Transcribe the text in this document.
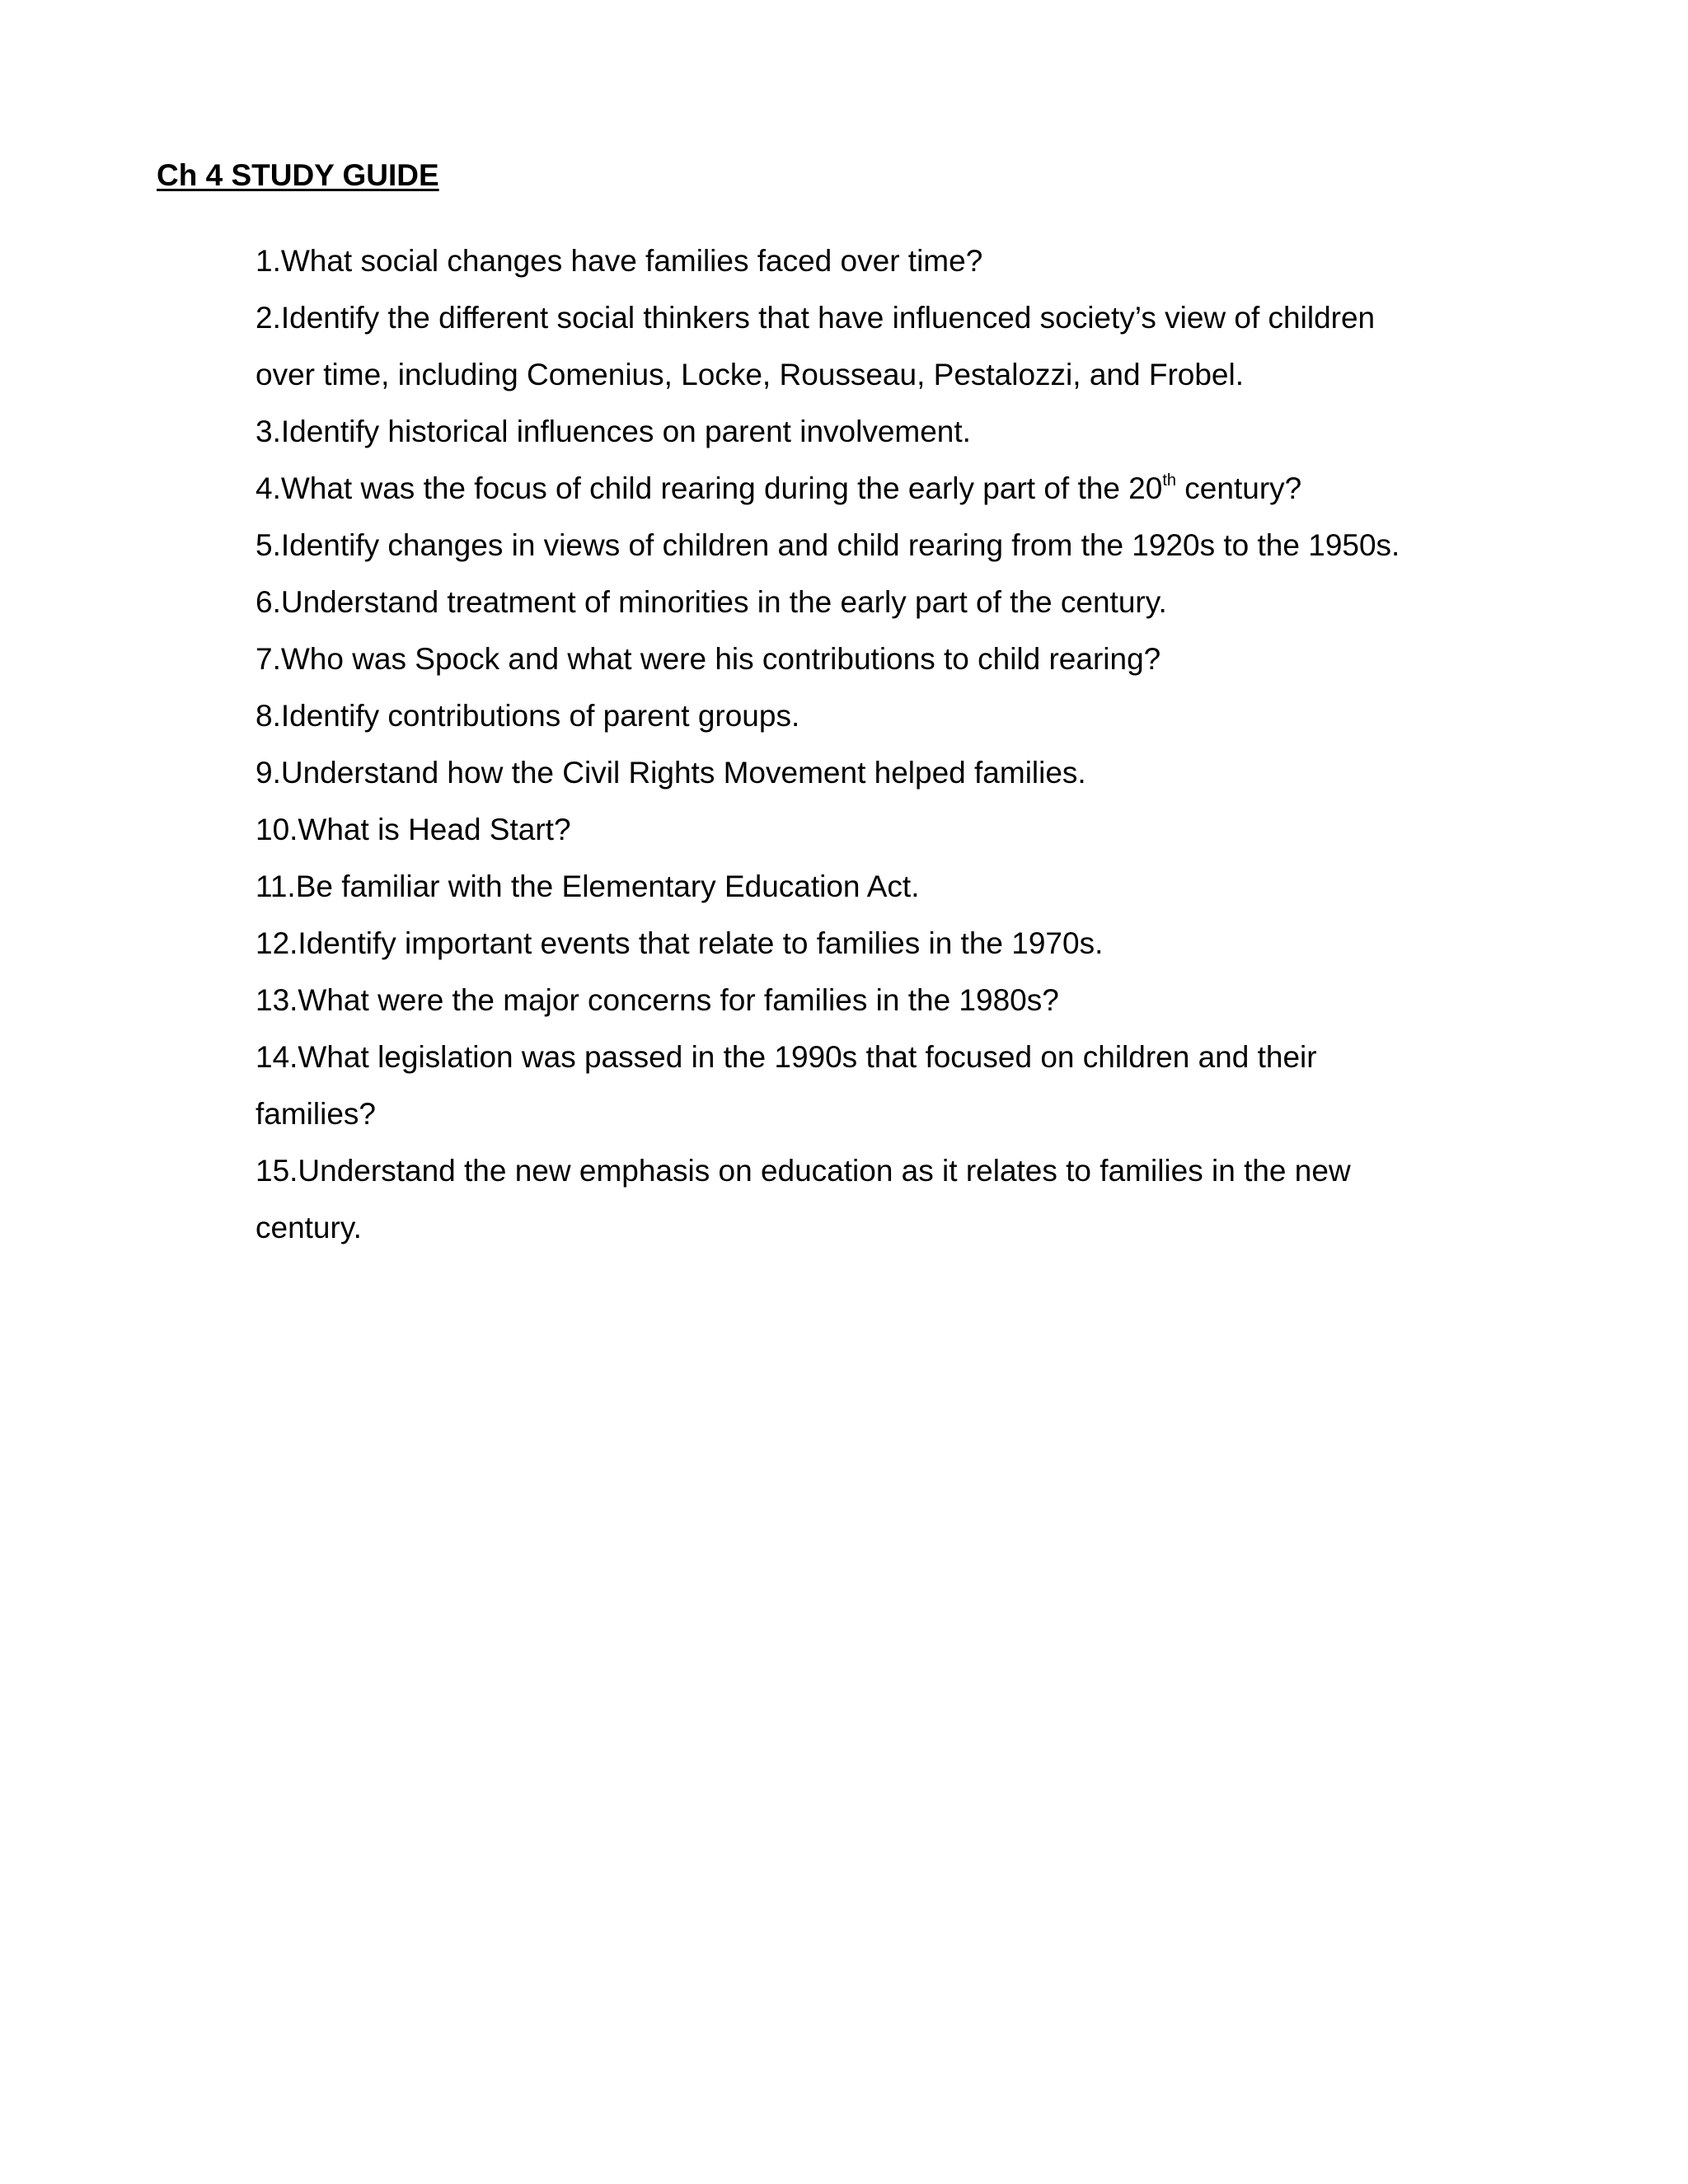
Ch 4 STUDY GUIDE
1.What social changes have families faced over time?
2.Identify the different social thinkers that have influenced society’s view of children
over time, including Comenius, Locke, Rousseau, Pestalozzi, and Frobel.
3.Identify historical influences on parent involvement.
4.What was the focus of child rearing during the early part of the 20th century?
5.Identify changes in views of children and child rearing from the 1920s to the 1950s.
6.Understand treatment of minorities in the early part of the century.
7.Who was Spock and what were his contributions to child rearing?
8.Identify contributions of parent groups.
9.Understand how the Civil Rights Movement helped families.
10.What is Head Start?
11.Be familiar with the Elementary Education Act.
12.Identify important events that relate to families in the 1970s.
13.What were the major concerns for families in the 1980s?
14.What legislation was passed in the 1990s that focused on children and their
families?
15.Understand the new emphasis on education as it relates to families in the new
century.
